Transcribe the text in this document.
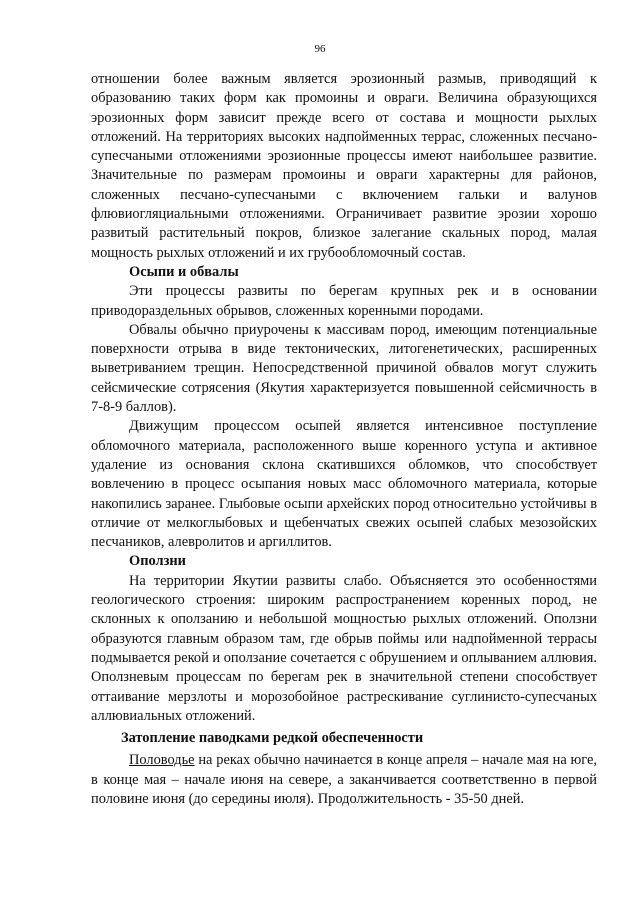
96

отношении более важным является эрозионный размыв, приводящий к образованию таких форм как промоины и овраги. Величина образующихся эрозионных форм зависит прежде всего от состава и мощности рыхлых отложений. На территориях высоких надпойменных террас, сложенных песчано-супесчаными отложениями эрозионные процессы имеют наибольшее развитие. Значительные по размерам промоины и овраги характерны для районов, сложенных песчано-супесчаными с включением гальки и валунов флювиогляциальными отложениями. Ограничивает развитие эрозии хорошо развитый растительный покров, близкое залегание скальных пород, малая мощность рыхлых отложений и их грубообломочный состав.

Осыпи и обвалы

Эти процессы развиты по берегам крупных рек и в основании приводораздельных обрывов, сложенных коренными породами.

Обвалы обычно приурочены к массивам пород, имеющим потенциальные поверхности отрыва в виде тектонических, литогенетических, расширенных выветриванием трещин. Непосредственной причиной обвалов могут служить сейсмические сотрясения (Якутия характеризуется повышенной сейсмичность в 7-8-9 баллов).

Движущим процессом осыпей является интенсивное поступление обломочного материала, расположенного выше коренного уступа и активное удаление из основания склона скатившихся обломков, что способствует вовлечению в процесс осыпания новых масс обломочного материала, которые накопились заранее. Глыбовые осыпи архейских пород относительно устойчивы в отличие от мелкоглыбовых и щебенчатых свежих осыпей слабых мезозойских песчаников, алевролитов и аргиллитов.

Оползни

На территории Якутии развиты слабо. Объясняется это особенностями геологического строения: широким распространением коренных пород, не склонных к оползанию и небольшой мощностью рыхлых отложений. Оползни образуются главным образом там, где обрыв поймы или надпойменной террасы подмывается рекой и оползание сочетается с обрушением и оплыванием аллювия. Оползневым процессам по берегам рек в значительной степени способствует оттаивание мерзлоты и морозобойное растрескивание суглинисто-супесчаных аллювиальных отложений.

Затопление паводками редкой обеспеченности

Половодье на реках обычно начинается в конце апреля – начале мая на юге, в конце мая – начале июня на севере, а заканчивается соответственно в первой половине июня (до середины июля). Продолжительность - 35-50 дней.
